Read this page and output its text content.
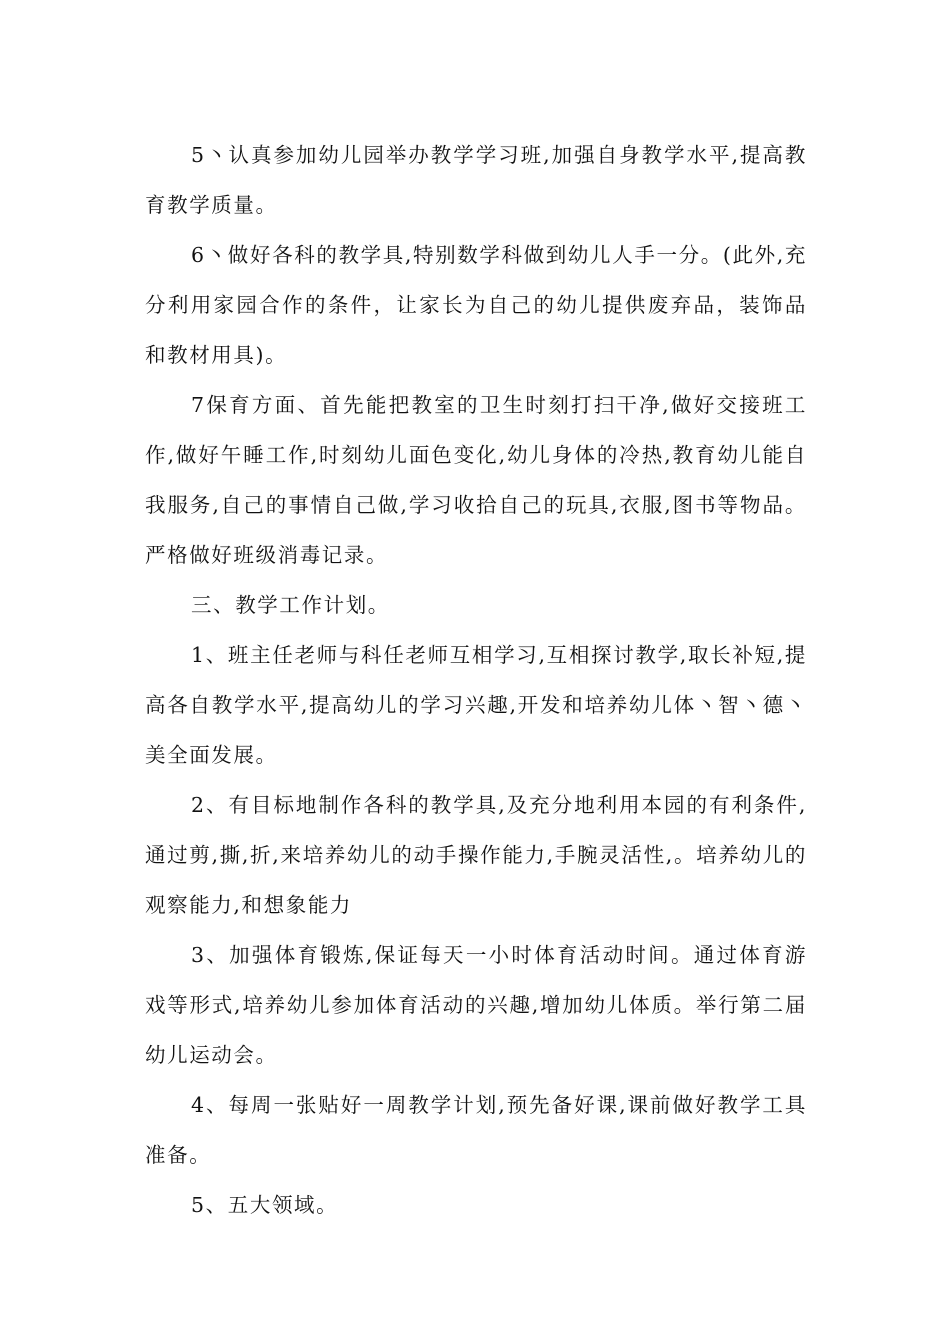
5丶认真参加幼儿园举办教学学习班,加强自身教学水平,提高教育教学质量。

6丶做好各科的教学具,特别数学科做到幼儿人手一分。(此外,充分利用家园合作的条件，让家长为自己的幼儿提供废弃品，装饰品和教材用具)。

7保育方面、首先能把教室的卫生时刻打扫干净,做好交接班工作,做好午睡工作,时刻幼儿面色变化,幼儿身体的冷热,教育幼儿能自我服务,自己的事情自己做,学习收拾自己的玩具,衣服,图书等物品。严格做好班级消毒记录。

三、教学工作计划。

1、班主任老师与科任老师互相学习,互相探讨教学,取长补短,提高各自教学水平,提高幼儿的学习兴趣,开发和培养幼儿体丶智丶德丶美全面发展。

2、有目标地制作各科的教学具,及充分地利用本园的有利条件,通过剪,撕,折,来培养幼儿的动手操作能力,手腕灵活性,。培养幼儿的观察能力,和想象能力

3、加强体育锻炼,保证每天一小时体育活动时间。通过体育游戏等形式,培养幼儿参加体育活动的兴趣,增加幼儿体质。举行第二届幼儿运动会。

4、每周一张贴好一周教学计划,预先备好课,课前做好教学工具准备。

5、五大领域。
